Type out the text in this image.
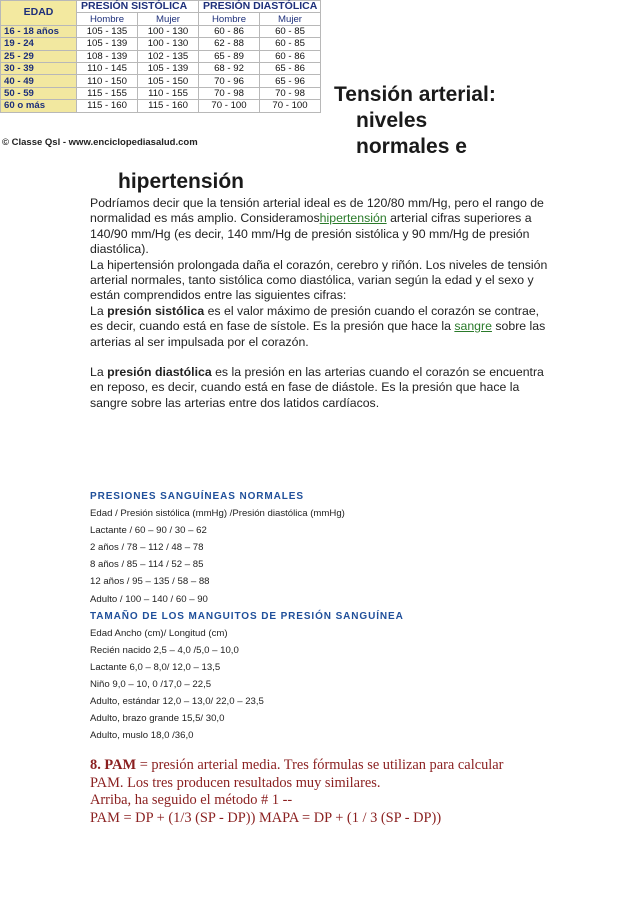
EDAD	PRESIÓN SISTÓLICA		PRESIÓN DIASTÓLICA	
	Hombre	Mujer	Hombre	Mujer
16 - 18 años	105 - 135	100 - 130	60 - 86	60 - 85
19 - 24	105 - 139	100 - 130	62 - 88	60 - 85
25 - 29	108 - 139	102 - 135	65 - 89	60 - 86
30 - 39	110 - 145	105 - 139	68 - 92	65 - 86
40 - 49	110 - 150	105 - 150	70 - 96	65 - 96
50 - 59	115 - 155	110 - 155	70 - 98	70 - 98
60 o más	115 - 160	115 - 160	70 - 100	70 - 100
© Classe Qsl - www.enciclopediasalud.com
Tensión arterial:
niveles
normales e
hipertensión

Podríamos decir que la tensión arterial ideal es de 120/80 mm/Hg, pero el rango de normalidad es más amplio. Consideramoshipertensión arterial cifras superiores a 140/90 mm/Hg (es decir, 140 mm/Hg de presión sistólica y 90 mm/Hg de presión diastólica).

La hipertensión prolongada daña el corazón, cerebro y riñón. Los niveles de tensión arterial normales, tanto sistólica como diastólica, varian según la edad y el sexo y están comprendidos entre las siguientes cifras:

La presión sistólica es el valor máximo de presión cuando el corazón se contrae, es decir, cuando está en fase de sístole. Es la presión que hace la sangre sobre las arterias al ser impulsada por el corazón.

La presión diastólica es la presión en las arterias cuando el corazón se encuentra en reposo, es decir, cuando está en fase de diástole. Es la presión que hace la sangre sobre las arterias entre dos latidos cardíacos.

PRESIONES SANGUÍNEAS NORMALES
Edad / Presión sistólica (mmHg) /Presión diastólica (mmHg)
Lactante / 60 – 90 / 30 – 62
2 años / 78 – 112 / 48 – 78
8 años / 85 – 114 / 52 – 85
12 años / 95 – 135 / 58 – 88
Adulto / 100 – 140 / 60 – 90
TAMAÑO DE LOS MANGUITOS DE PRESIÓN SANGUÍNEA
Edad Ancho (cm)/ Longitud (cm)
Recién nacido 2,5 – 4,0 /5,0 – 10,0
Lactante 6,0 – 8,0/ 12,0 – 13,5
Niño 9,0 – 10, 0 /17,0 – 22,5
Adulto, estándar 12,0 – 13,0/ 22,0 – 23,5
Adulto, brazo grande 15,5/ 30,0
Adulto, muslo 18,0 /36,0

8. PAM = presión arterial media. Tres fórmulas se utilizan para calcular

PAM. Los tres producen resultados muy similares.

Arriba, ha seguido el método # 1 --

PAM = DP + (1/3 (SP - DP)) MAPA = DP + (1 / 3 (SP - DP))
